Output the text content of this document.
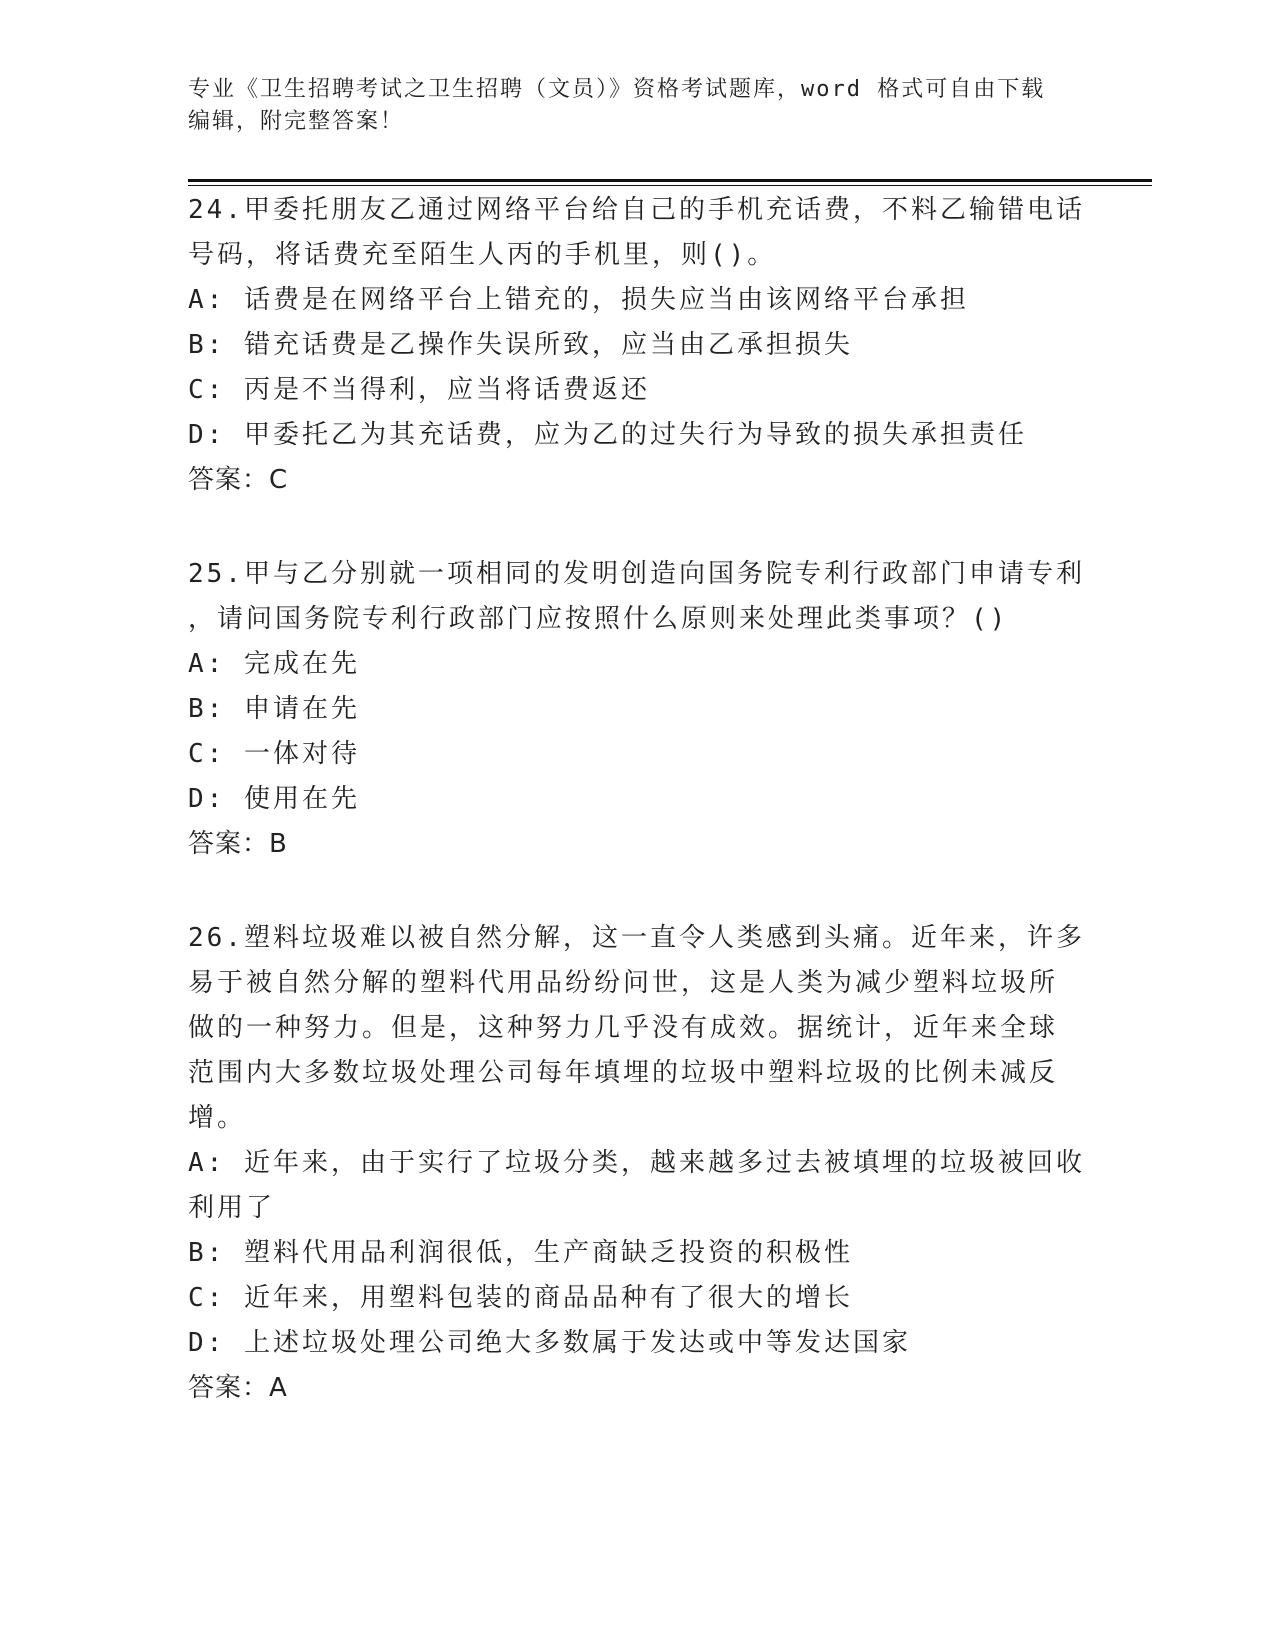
专业《卫生招聘考试之卫生招聘（文员）》资格考试题库，word 格式可自由下载
编辑，附完整答案！

24.甲委托朋友乙通过网络平台给自己的手机充话费，不料乙输错电话

号码，将话费充至陌生人丙的手机里，则()。

A: 话费是在网络平台上错充的，损失应当由该网络平台承担

B: 错充话费是乙操作失误所致，应当由乙承担损失

C: 丙是不当得利，应当将话费返还

D: 甲委托乙为其充话费，应为乙的过失行为导致的损失承担责任

答案：C

25.甲与乙分别就一项相同的发明创造向国务院专利行政部门申请专利

，请问国务院专利行政部门应按照什么原则来处理此类事项？()

A: 完成在先

B: 申请在先

C: 一体对待

D: 使用在先

答案：B

26.塑料垃圾难以被自然分解，这一直令人类感到头痛。近年来，许多

易于被自然分解的塑料代用品纷纷问世，这是人类为减少塑料垃圾所

做的一种努力。但是，这种努力几乎没有成效。据统计，近年来全球

范围内大多数垃圾处理公司每年填埋的垃圾中塑料垃圾的比例未减反

增。

A: 近年来，由于实行了垃圾分类，越来越多过去被填埋的垃圾被回收

利用了

B: 塑料代用品利润很低，生产商缺乏投资的积极性

C: 近年来，用塑料包装的商品品种有了很大的增长

D: 上述垃圾处理公司绝大多数属于发达或中等发达国家

答案：A
